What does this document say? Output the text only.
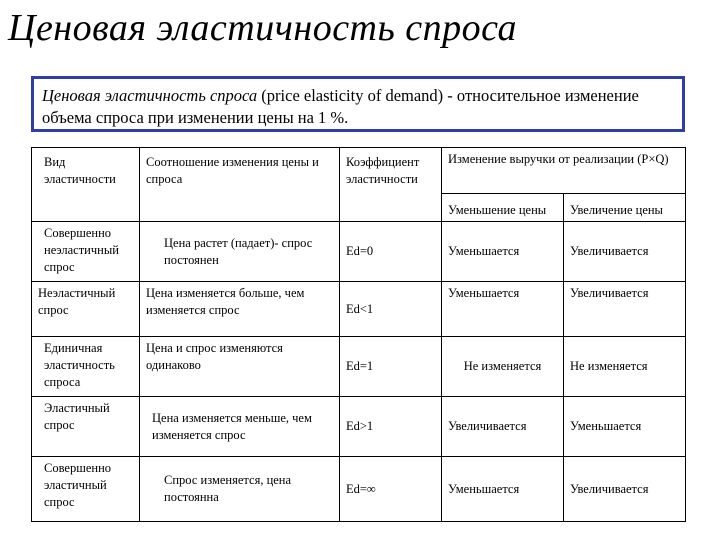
Ценовая эластичность спроса
Ценовая эластичность спроса (price elasticity of demand) - относительное изменение объема спроса при изменении цены на 1 %.
Вид эластичности	Соотношение изменения цены и спроса	Коэффициент эластичности	Изменение выручки от реализации (P×Q)	
			Уменьшение цены	Увеличение цены
Совершенно неэластичный спрос	Цена растет (падает)- спрос постоянен	Ed=0	Уменьшается	Увеличивается
Неэластичный спрос	Цена изменяется больше, чем изменяется спрос	Ed<1	Уменьшается	Увеличивается
Единичная эластичность спроса	Цена и спрос изменяются одинаково	Ed=1	Не изменяется	Не изменяется
Эластичный спрос	Цена изменяется меньше, чем изменяется спрос	Ed>1	Увеличивается	Уменьшается
Совершенно эластичный спрос	Спрос изменяется, цена постоянна	Ed=∞	Уменьшается	Увеличивается
